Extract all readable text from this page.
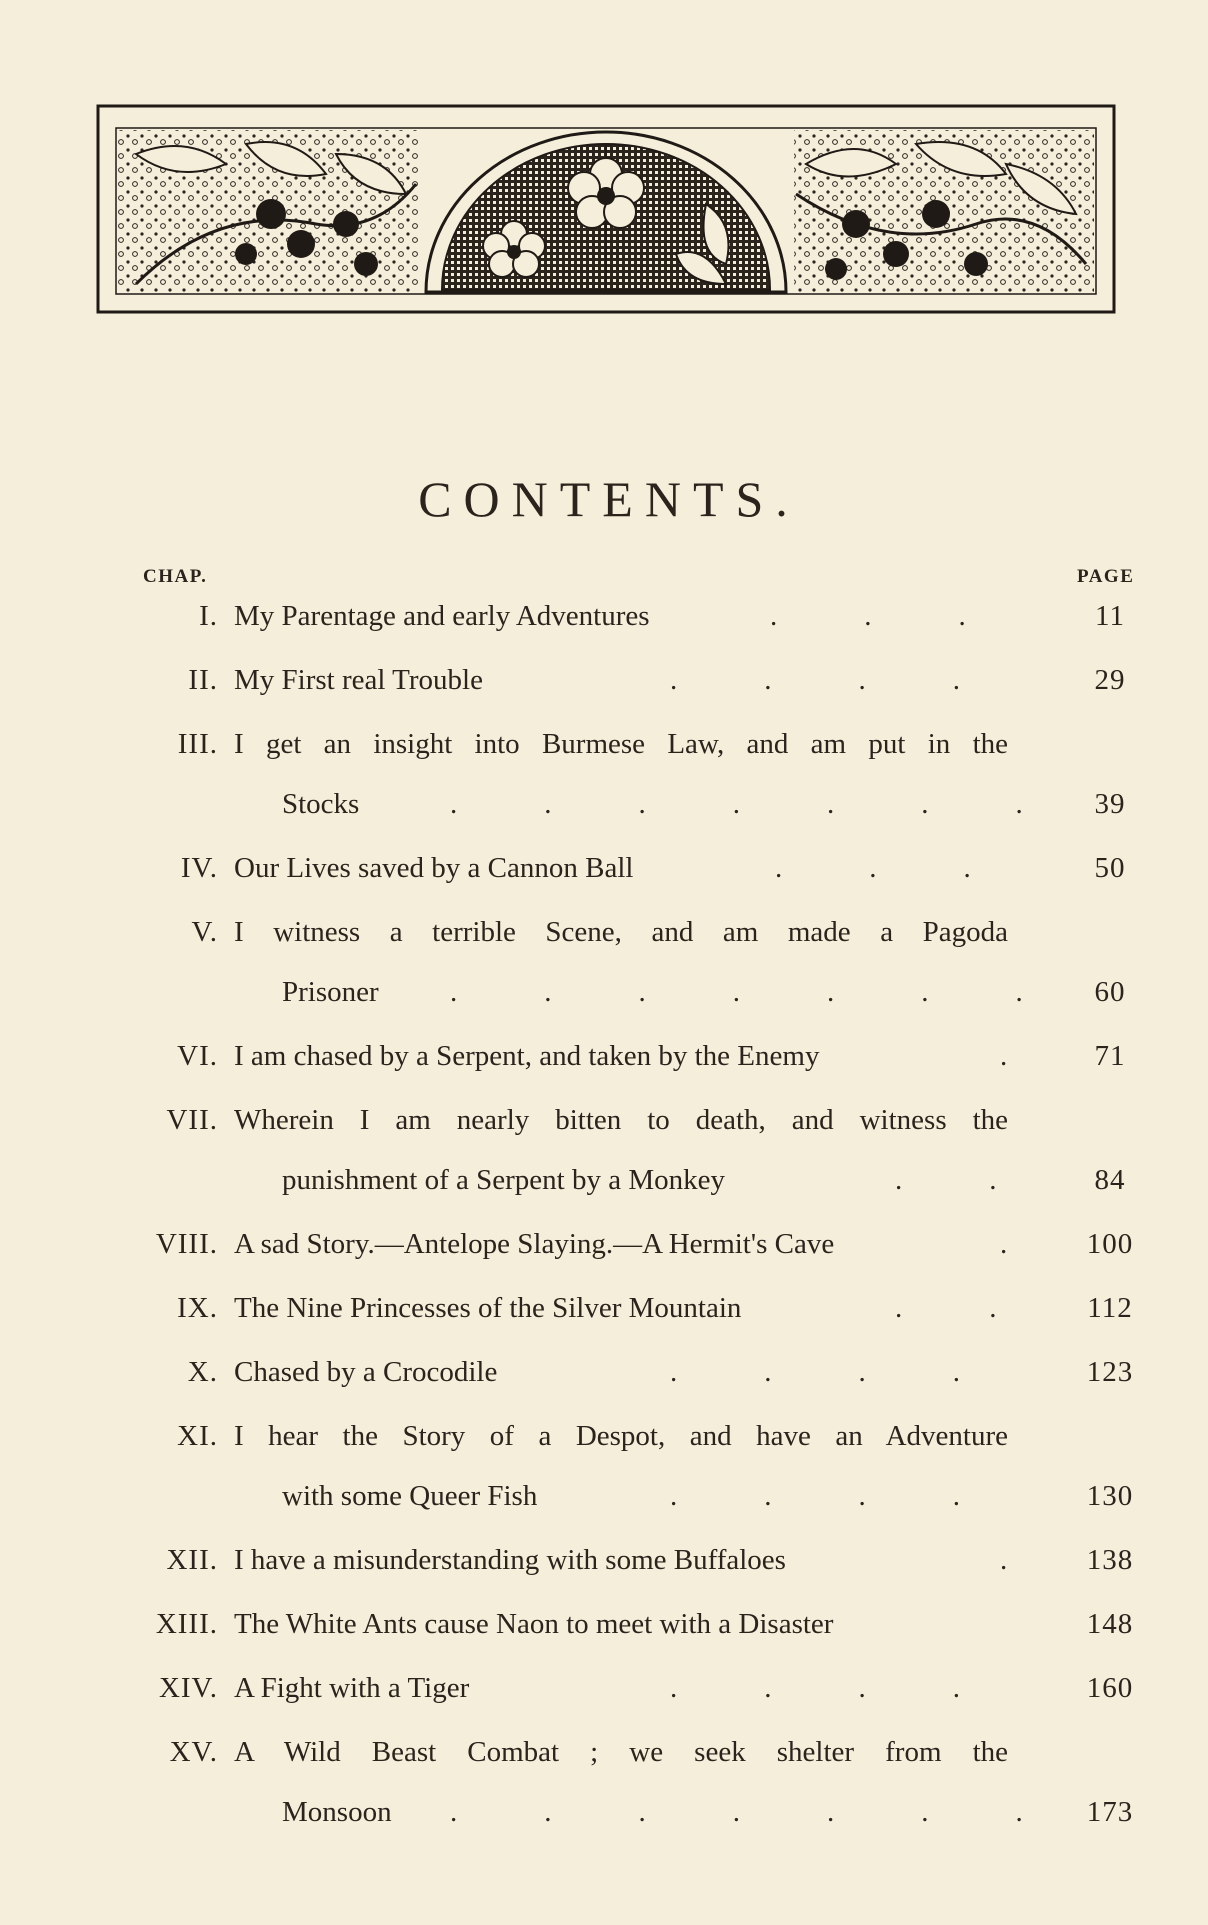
CONTENTS.
CHAP.	PAGE
I. My Parentage and early Adventures	.   .   .	11
II. My First real Trouble	.   .   .   .	29
III. I get an insight into Burmese Law, and am put in the
Stocks	.   .   .   .   .   .   .	39
IV. Our Lives saved by a Cannon Ball	.   .   .	50
V. I witness a terrible Scene, and am made a Pagoda
Prisoner .   .   .   .   .   .   .	60
VI. I am chased by a Serpent, and taken by the Enemy	.	71
VII. Wherein I am nearly bitten to death, and witness the
punishment of a Serpent by a Monkey	.   .	84
VIII. A sad Story.—Antelope Slaying.—A Hermit's Cave	.	100
IX. The Nine Princesses of the Silver Mountain	.   .	112
X. Chased by a Crocodile	.   .   .   .	123
XI. I hear the Story of a Despot, and have an Adventure
with some Queer Fish	.   .   .   .	130
XII. I have a misunderstanding with some Buffaloes	.	138
XIII. The White Ants cause Naon to meet with a Disaster	148
XIV. A Fight with a Tiger	.   .   .   .	160
XV. A Wild Beast Combat ; we seek shelter from the
Monsoon .   .   .   .   .   .   . 173
